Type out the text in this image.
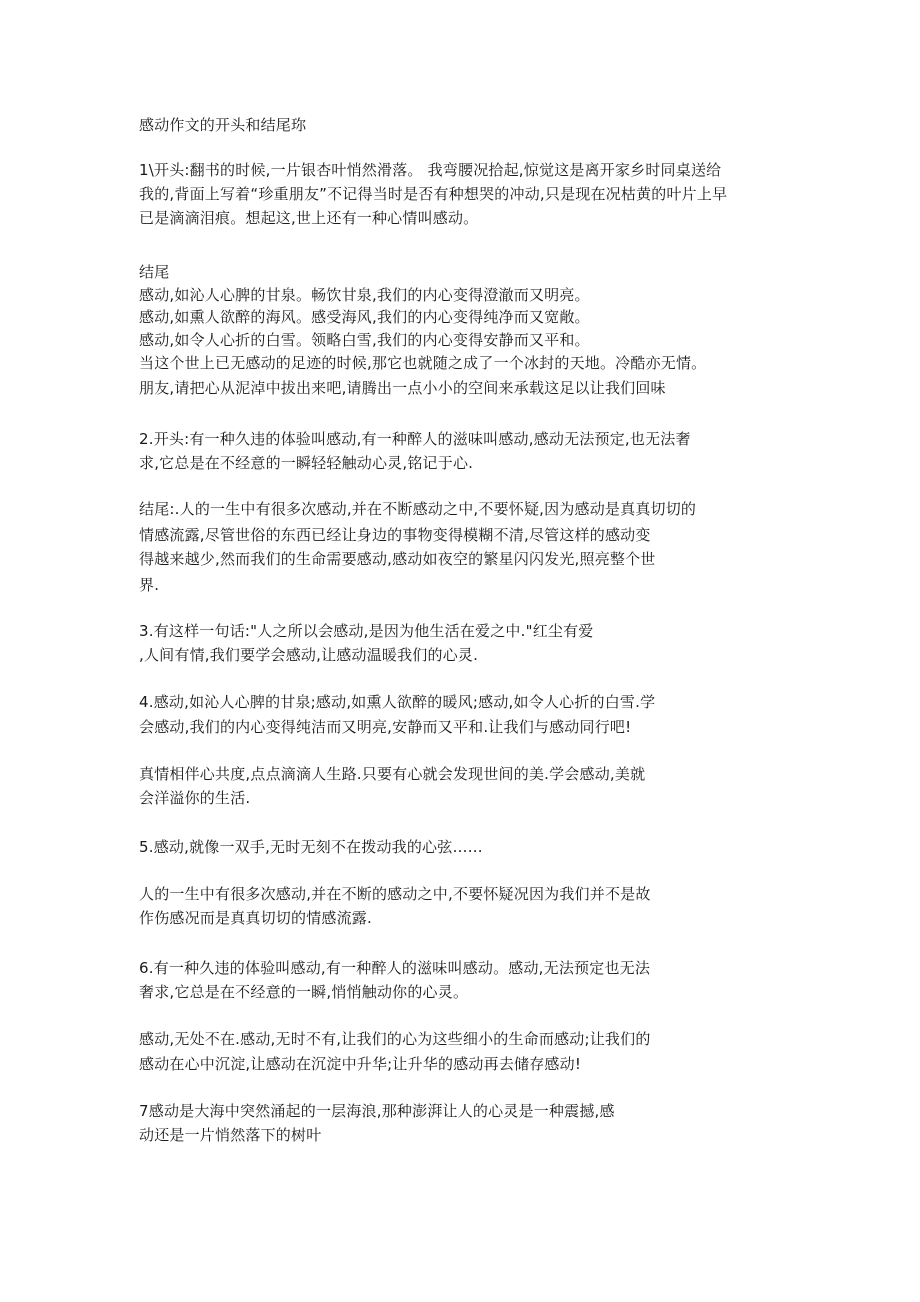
感动作文的开头和结尾珎
1\开头:翻书的时候,一片银杏叶悄然滑落。 我弯腰况拾起,惊觉这是离开家乡时同桌送给
我的,背面上写着“珍重朋友”不记得当时是否有种想哭的冲动,只是现在况枯黄的叶片上早
已是滴滴泪痕。想起这,世上还有一种心情叫感动。
结尾
感动,如沁人心脾的甘泉。畅饮甘泉,我们的内心变得澄澈而又明亮。
感动,如熏人欲醉的海风。感受海风,我们的内心变得纯净而又宽敞。
感动,如令人心折的白雪。领略白雪,我们的内心变得安静而又平和。
当这个世上已无感动的足迹的时候,那它也就随之成了一个冰封的天地。冷酷亦无情。
朋友,请把心从泥淖中拔出来吧,请腾出一点小小的空间来承载这足以让我们回味
2.开头:有一种久违的体验叫感动,有一种醉人的滋味叫感动,感动无法预定,也无法奢
求,它总是在不经意的一瞬轻轻触动心灵,铭记于心.
结尾:.人的一生中有很多次感动,并在不断感动之中,不要怀疑,因为感动是真真切切的
情感流露,尽管世俗的东西已经让身边的事物变得模糊不清,尽管这样的感动变
得越来越少,然而我们的生命需要感动,感动如夜空的繁星闪闪发光,照亮整个世
界.
3.有这样一句话:"人之所以会感动,是因为他生活在爱之中."红尘有爱
,人间有情,我们要学会感动,让感动温暖我们的心灵.
4.感动,如沁人心脾的甘泉;感动,如熏人欲醉的暖风;感动,如令人心折的白雪.学
会感动,我们的内心变得纯洁而又明亮,安静而又平和.让我们与感动同行吧!
真情相伴心共度,点点滴滴人生路.只要有心就会发现世间的美.学会感动,美就
会洋溢你的生活.
5.感动,就像一双手,无时无刻不在拨动我的心弦……
人的一生中有很多次感动,并在不断的感动之中,不要怀疑况因为我们并不是故
作伤感况而是真真切切的情感流露.
6.有一种久违的体验叫感动,有一种醉人的滋味叫感动。感动,无法预定也无法
奢求,它总是在不经意的一瞬,悄悄触动你的心灵。
感动,无处不在.感动,无时不有,让我们的心为这些细小的生命而感动;让我们的
感动在心中沉淀,让感动在沉淀中升华;让升华的感动再去储存感动!
7感动是大海中突然涌起的一层海浪,那种澎湃让人的心灵是一种震撼,感
动还是一片悄然落下的树叶
